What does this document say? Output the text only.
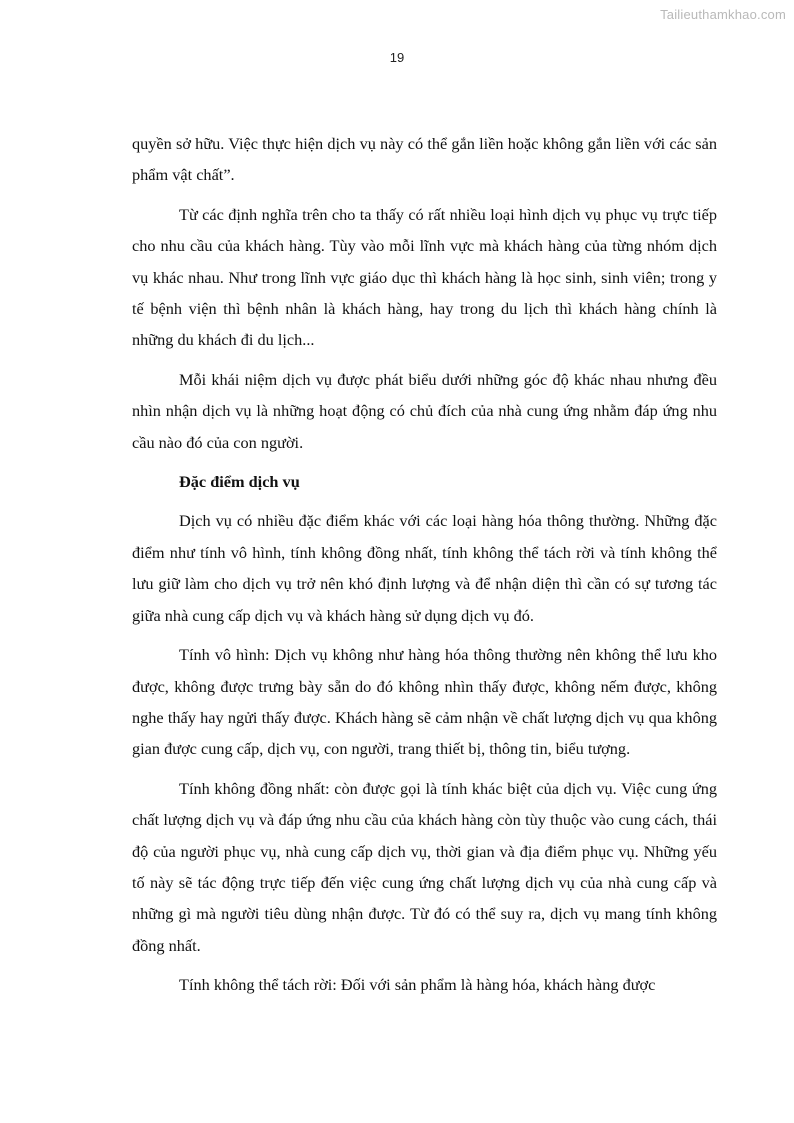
Tailieuthamkhao.com
19

quyền sở hữu. Việc thực hiện dịch vụ này có thể gắn liền hoặc không gắn liền với các sản phẩm vật chất”.

Từ các định nghĩa trên cho ta thấy có rất nhiều loại hình dịch vụ phục vụ trực tiếp cho nhu cầu của khách hàng. Tùy vào mỗi lĩnh vực mà khách hàng của từng nhóm dịch vụ khác nhau. Như trong lĩnh vực giáo dục thì khách hàng là học sinh, sinh viên; trong y tế bệnh viện thì bệnh nhân là khách hàng, hay trong du lịch thì khách hàng chính là những du khách đi du lịch...

Mỗi khái niệm dịch vụ được phát biểu dưới những góc độ khác nhau nhưng đều nhìn nhận dịch vụ là những hoạt động có chủ đích của nhà cung ứng nhằm đáp ứng nhu cầu nào đó của con người.

Đặc điểm dịch vụ

Dịch vụ có nhiều đặc điểm khác với các loại hàng hóa thông thường. Những đặc điểm như tính vô hình, tính không đồng nhất, tính không thể tách rời và tính không thể lưu giữ làm cho dịch vụ trở nên khó định lượng và để nhận diện thì cần có sự tương tác giữa nhà cung cấp dịch vụ và khách hàng sử dụng dịch vụ đó.

Tính vô hình: Dịch vụ không như hàng hóa thông thường nên không thể lưu kho được, không được trưng bày sẵn do đó không nhìn thấy được, không nếm được, không nghe thấy hay ngửi thấy được. Khách hàng sẽ cảm nhận về chất lượng dịch vụ qua không gian được cung cấp, dịch vụ, con người, trang thiết bị, thông tin, biểu tượng.

Tính không đồng nhất: còn được gọi là tính khác biệt của dịch vụ. Việc cung ứng chất lượng dịch vụ và đáp ứng nhu cầu của khách hàng còn tùy thuộc vào cung cách, thái độ của người phục vụ, nhà cung cấp dịch vụ, thời gian và địa điểm phục vụ. Những yếu tố này sẽ tác động trực tiếp đến việc cung ứng chất lượng dịch vụ của nhà cung cấp và những gì mà người tiêu dùng nhận được. Từ đó có thể suy ra, dịch vụ mang tính không đồng nhất.

Tính không thể tách rời: Đối với sản phẩm là hàng hóa, khách hàng được
